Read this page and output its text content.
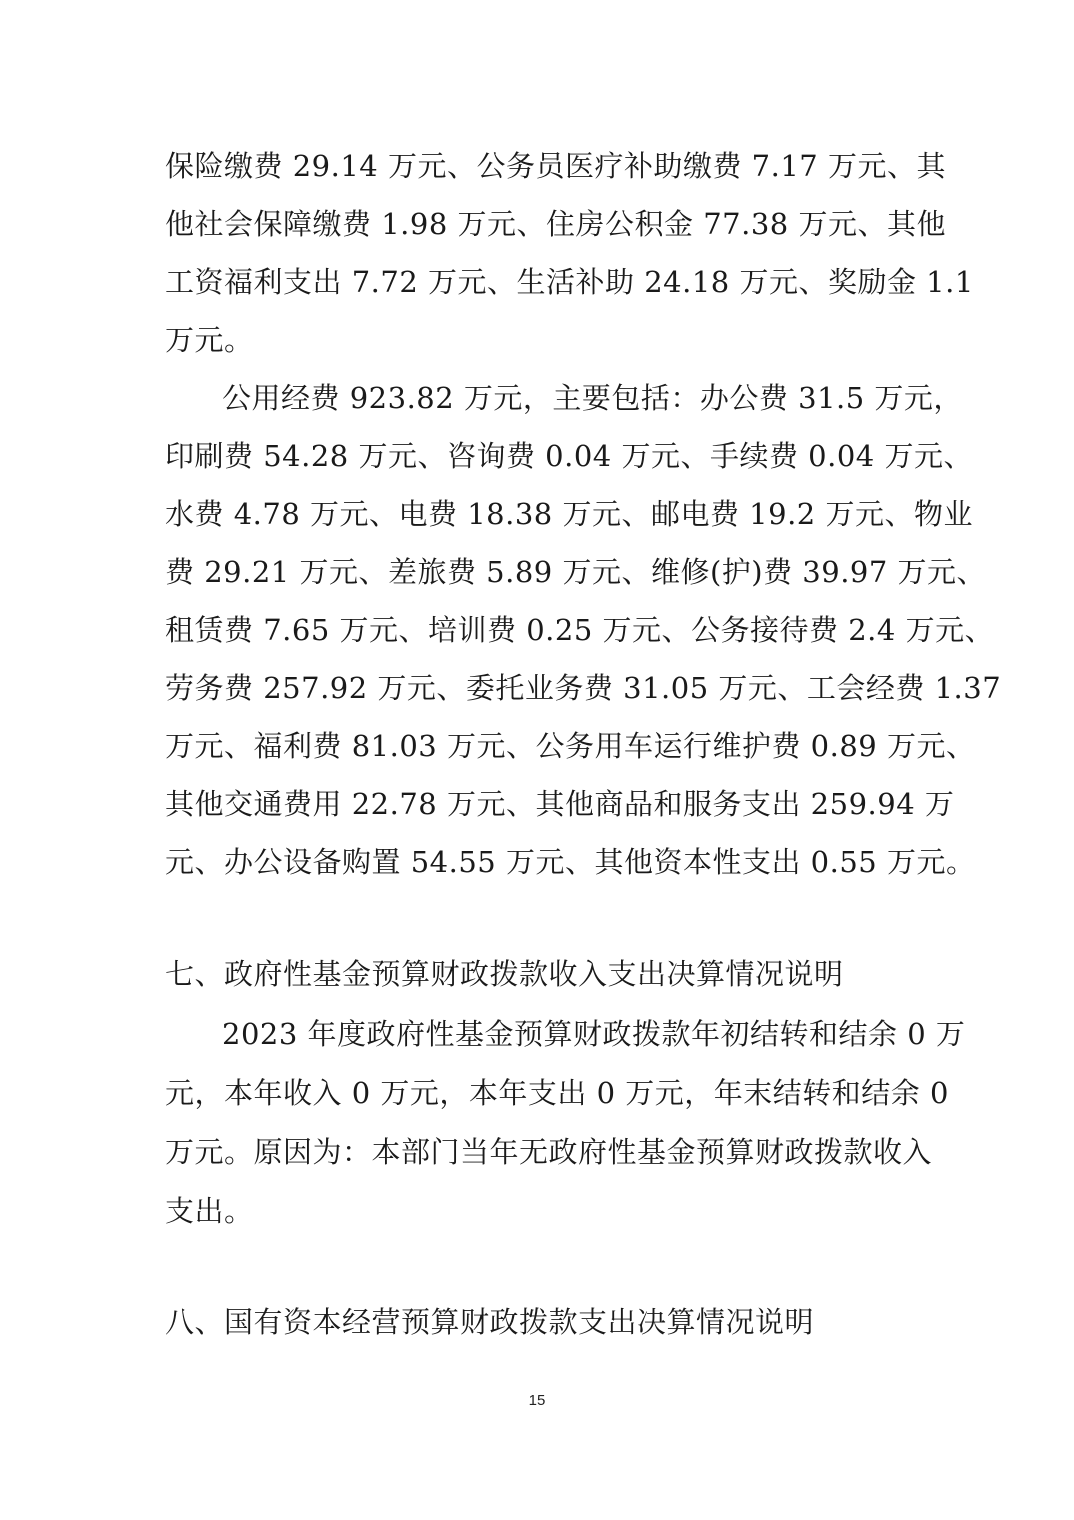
保险缴费 29.14 万元、公务员医疗补助缴费 7.17 万元、其
他社会保障缴费 1.98 万元、住房公积金 77.38 万元、其他
工资福利支出 7.72 万元、生活补助 24.18 万元、奖励金 1.1
万元。
公用经费 923.82 万元，主要包括：办公费 31.5 万元，
印刷费 54.28 万元、咨询费 0.04 万元、手续费 0.04 万元、
水费 4.78 万元、电费 18.38 万元、邮电费 19.2 万元、物业
费 29.21 万元、差旅费 5.89 万元、维修(护)费 39.97 万元、
租赁费 7.65 万元、培训费 0.25 万元、公务接待费 2.4 万元、
劳务费 257.92 万元、委托业务费 31.05 万元、工会经费 1.37
万元、福利费 81.03 万元、公务用车运行维护费 0.89 万元、
其他交通费用 22.78 万元、其他商品和服务支出 259.94 万
元、办公设备购置 54.55 万元、其他资本性支出 0.55 万元。
七、政府性基金预算财政拨款收入支出决算情况说明
2023 年度政府性基金预算财政拨款年初结转和结余 0 万
元，本年收入 0 万元，本年支出 0 万元，年末结转和结余 0
万元。原因为：本部门当年无政府性基金预算财政拨款收入
支出。
八、国有资本经营预算财政拨款支出决算情况说明
15
